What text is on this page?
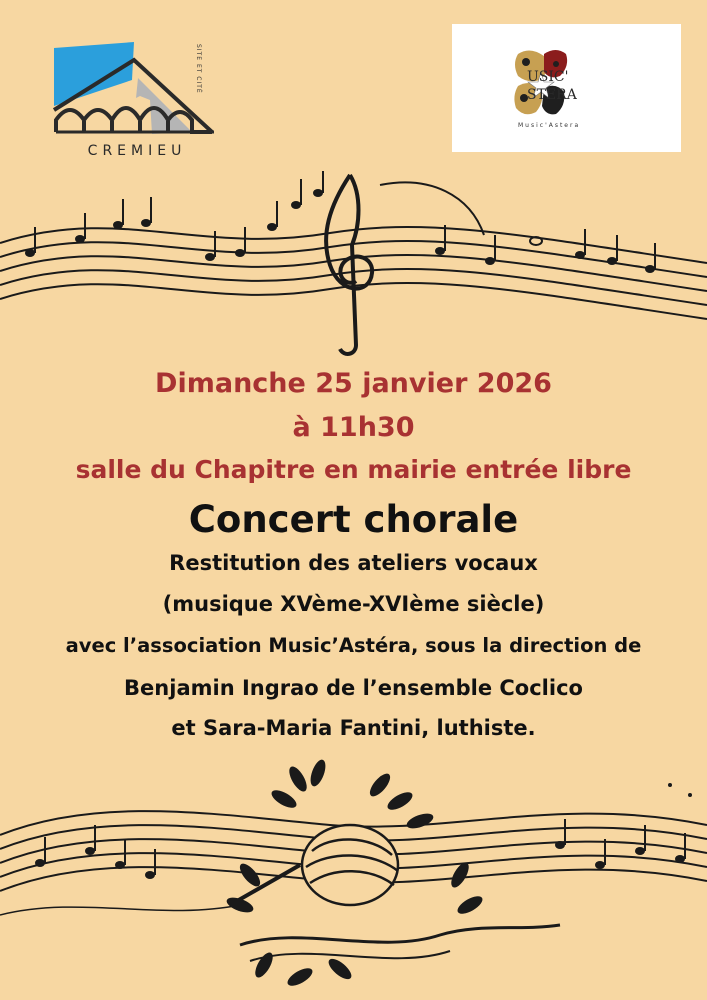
CREMIEU
SITE ET CITÉ	USIC'
STERA
Music'Astera
Dimanche 25 janvier 2026
à 11h30
salle du Chapitre en mairie entrée libre
Concert chorale
Restitution des ateliers vocaux
(musique XVème-XVIème siècle)
avec l’association Music’Astéra, sous la direction de
Benjamin Ingrao de l’ensemble Coclico
et Sara-Maria Fantini, luthiste.
